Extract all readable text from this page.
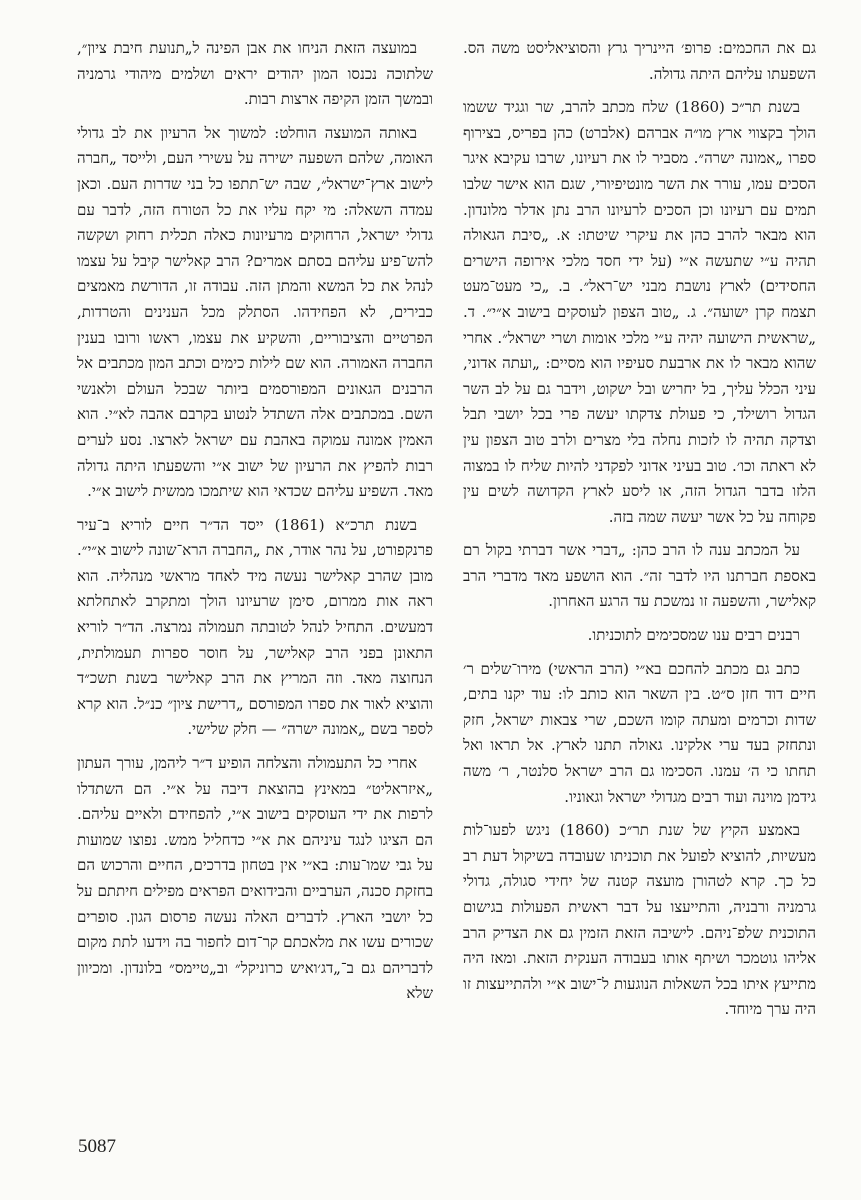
גם את החכמים: פרופ׳ היינריך גרץ והסוציאליסט משה הס. השפעתו עליהם היתה גדולה.

בשנת תר״כ (1860) שלח מכתב להרב, שר וגגיד ששמו הולך בקצווי ארץ מו״ה אברהם (אלברט) כהן בפריס, בצירוף ספרו „אמונה ישרה״. מסביר לו את רעיונו, שרבו עקיבא איגר הסכים עמו, עורר את השר מונטיפיורי, שגם הוא אישר שלבו תמים עם רעיונו וכן הסכים לרעיונו הרב נתן אדלר מלונדון. הוא מבאר להרב כהן את עיקרי שיטתו: א. „סיבת הגאולה תהיה ע״י שתעשה א״י (על ידי חסד מלכי אירופה הישרים החסידים) לארץ נושבת מבני יש־ראל״. ב. „כי מעט־מעט תצמח קרן ישועה״. ג. „טוב הצפון לעוסקים בישוב א״י״. ד. „שראשית הישועה יהיה ע״י מלכי אומות ושרי ישראל״. אחרי שהוא מבאר לו את ארבעת סעיפיו הוא מסיים: „ועתה אדוני, עיני הכלל עליך, בל יחריש ובל ישקוט, וידבר גם על לב השר הגדול רושילד, כי פעולת צדקתו יעשה פרי בכל יושבי תבל וצדקה תהיה לו לזכות נחלה בלי מצרים ולרב טוב הצפון עין לא ראתה וכו׳. טוב בעיני אדוני לפקדני להיות שליח לו במצוה הלזו בדבר הגדול הזה, או ליסע לארץ הקדושה לשים עין פקוחה על כל אשר יעשה שמה בזה.

על המכתב ענה לו הרב כהן: „דברי אשר דברתי בקול רם באספת חברתנו היו לדבר זה״. הוא הושפע מאד מדברי הרב קאלישר, והשפעה זו נמשכת עד הרגע האחרון.

רבנים רבים ענו שמסכימים לתוכניתו.

כתב גם מכתב להחכם בא״י (הרב הראשי) מירו־שלים ר׳ חיים דוד חזן ס״ט. בין השאר הוא כותב לו: עוד יקנו בתים, שדות וכרמים ומעתה קומו השכם, שרי צבאות ישראל, חזק ונתחזק בעד ערי אלקינו. גאולה תתנו לארץ. אל תראו ואל תחתו כי ה׳ עמנו. הסכימו גם הרב ישראל סלנטר, ר׳ משה גידמן מוינה ועוד רבים מגדולי ישראל וגאוניו.

באמצע הקיץ של שנת תר״כ (1860) ניגש לפעו־לות מעשיות, להוציא לפועל את תוכניתו שעובדה בשיקול דעת רב כל כך. קרא לטהורן מועצה קטנה של יחידי סגולה, גדולי גרמניה ורבניה, והתייעצו על דבר ראשית הפעולות בגישום התוכנית שלפ־ניהם. לישיבה הזאת הזמין גם את הצדיק הרב אליהו גוטמכר ושיתף אותו בעבודה הענקית הזאת. ומאז היה מתייעץ איתו בכל השאלות הנוגעות ל־ישוב א״י ולהתייעצות זו היה ערך מיוחד.

במועצה הזאת הניחו את אבן הפינה ל„תנועת חיבת ציון״, שלתוכה נכנסו המון יהודים יראים ושלמים מיהודי גרמניה ובמשך הזמן הקיפה ארצות רבות.

באותה המועצה הוחלט: למשוך אל הרעיון את לב גדולי האומה, שלהם השפעה ישירה על עשירי העם, ולייסד „חברה לישוב ארץ־ישראל״, שבה יש־תתפו כל בני שדרות העם. וכאן עמדה השאלה: מי יקח עליו את כל הטורח הזה, לדבר עם גדולי ישראל, הרחוקים מרעיונות כאלה תכלית רחוק ושקשה להש־פיע עליהם בסתם אמרים? הרב קאלישר קיבל על עצמו לנהל את כל המשא והמתן הזה. עבודה זו, הדורשת מאמצים כבירים, לא הפחידהו. הסתלק מכל הענינים והטרדות, הפרטיים והציבוריים, והשקיע את עצמו, ראשו ורובו בענין החברה האמורה. הוא שם לילות כימים וכתב המון מכתבים אל הרבנים הגאונים המפורסמים ביותר שבכל העולם ולאנשי השם. במכתבים אלה השתדל לנטוע בקרבם אהבה לא״י. הוא האמין אמונה עמוקה באהבת עם ישראל לארצו. נסע לערים רבות להפיץ את הרעיון של ישוב א״י והשפעתו היתה גדולה מאד. השפיע עליהם שכדאי הוא שיתמכו ממשית לישוב א״י.

בשנת תרכ״א (1861) ייסד הד״ר חיים לוריא ב־עיר פרנקפורט, על נהר אודר, את „החברה הרא־שונה לישוב א״י״. מובן שהרב קאלישר נעשה מיד לאחד מראשי מנהליה. הוא ראה אות ממרום, סימן שרעיונו הולך ומתקרב לאתחלתא דמעשים. התחיל לנהל לטובתה תעמולה נמרצה. הד״ר לוריא התאונן בפני הרב קאלישר, על חוסר ספרות תעמולתית, הנחוצה מאד. וזה המריץ את הרב קאלישר בשנת תשכ״ד והוציא לאור את ספרו המפורסם „דרישת ציון״ כנ״ל. הוא קרא לספר בשם „אמונה ישרה״ — חלק שלישי.

אחרי כל התעמולה והצלחה הופיע ד״ר ליהמן, עורך העתון „איזראליט״ במאינץ בהוצאת דיבה על א״י. הם השתדלו לרפות את ידי העוסקים בישוב א״י, להפחידם ולאיים עליהם. הם הציגו לנגד עיניהם את א״י כדחליל ממש. נפוצו שמועות על גבי שמו־עות: בא״י אין בטחון בדרכים, החיים והרכוש הם בחזקת סכנה, הערביים והבידואים הפראים מפילים חיתתם על כל יושבי הארץ. לדברים האלה נעשה פרסום הגון. סופרים שכורים עשו את מלאכתם קר־דום לחפור בה וידעו לתת מקום לדבריהם גם ב־„דג׳ואיש כרוניקל״ וב„טיימס״ בלונדון. ומכיוון שלא

5087
